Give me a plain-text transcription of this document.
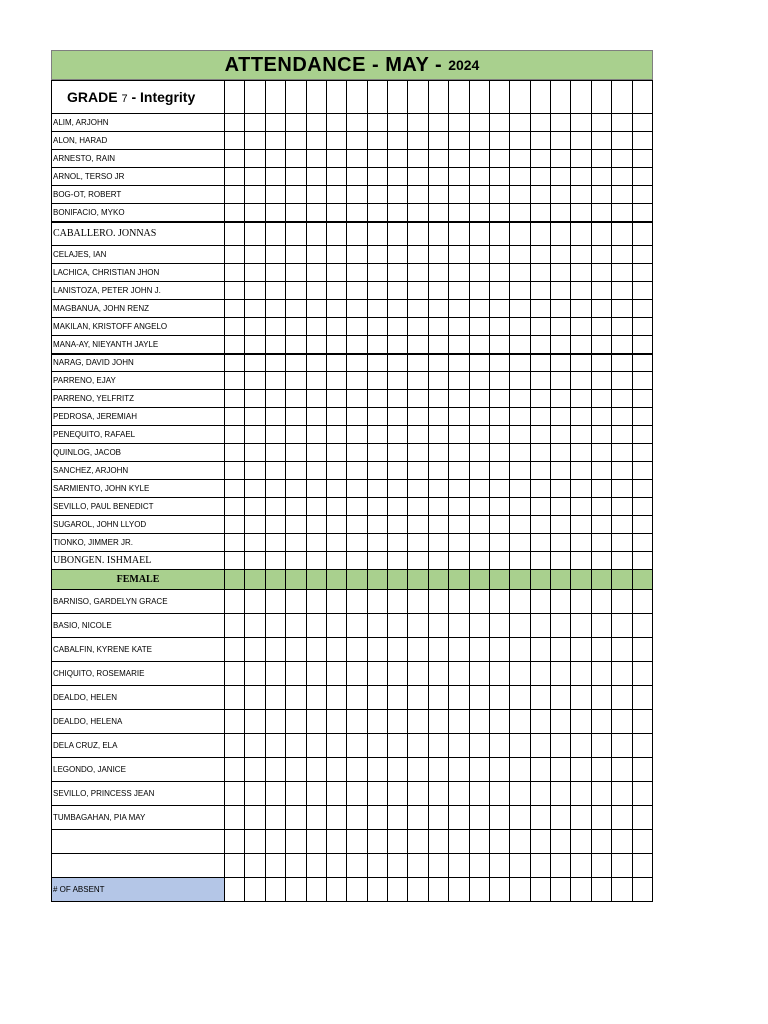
ATTENDANCE - MAY - 2024
GRADE 7 - Integrity																					
ALIM, ARJOHN																					
ALON, HARAD																					
ARNESTO, RAIN																					
ARNOL, TERSO JR																					
BOG-OT, ROBERT																					
BONIFACIO, MYKO																					
CABALLERO. JONNAS																					
CELAJES, IAN																					
LACHICA, CHRISTIAN JHON																					
LANISTOZA, PETER JOHN J.																					
MAGBANUA, JOHN RENZ																					
MAKILAN, KRISTOFF ANGELO																					
MANA-AY, NIEYANTH JAYLE																					
NARAG, DAVID JOHN																					
PARRENO, EJAY																					
PARRENO, YELFRITZ																					
PEDROSA, JEREMIAH																					
PENEQUITO, RAFAEL																					
QUINLOG, JACOB																					
SANCHEZ, ARJOHN																					
SARMIENTO, JOHN KYLE																					
SEVILLO, PAUL BENEDICT																					
SUGAROL, JOHN LLYOD																					
TIONKO, JIMMER JR.																					
UBONGEN. ISHMAEL																					
FEMALE																					
BARNISO, GARDELYN GRACE																					
BASIO, NICOLE																					
CABALFIN, KYRENE KATE																					
CHIQUITO, ROSEMARIE																					
DEALDO, HELEN																					
DEALDO, HELENA																					
DELA CRUZ, ELA																					
LEGONDO, JANICE																					
SEVILLO, PRINCESS JEAN																					
TUMBAGAHAN, PIA MAY																					

# OF ABSENT																					
